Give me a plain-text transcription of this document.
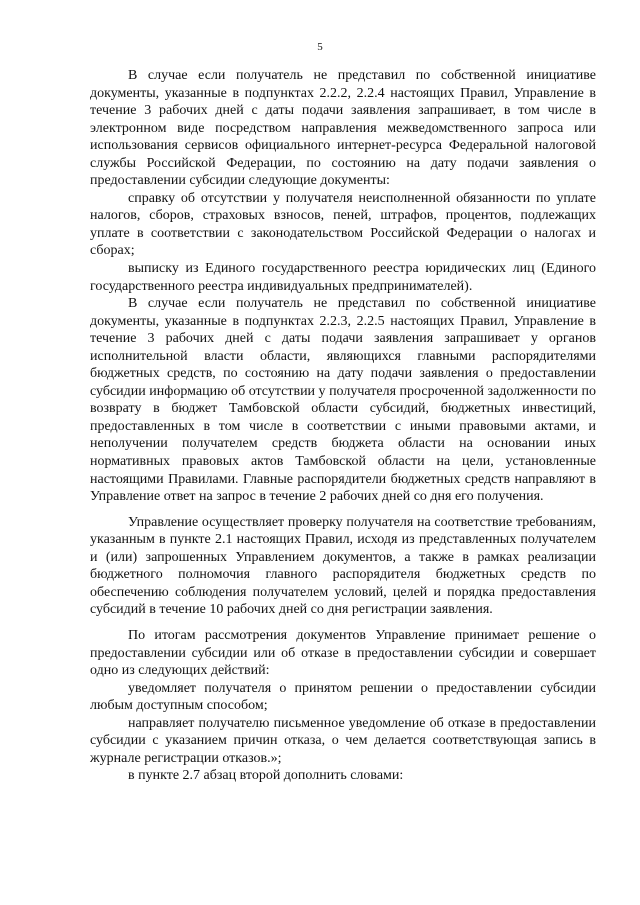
5

В случае если получатель не представил по собственной инициативе документы, указанные в подпунктах 2.2.2, 2.2.4 настоящих Правил, Управление в течение 3 рабочих дней с даты подачи заявления запрашивает, в том числе в электронном виде посредством направления межведомственного запроса или использования сервисов официального интернет-ресурса Федеральной налоговой службы Российской Федерации, по состоянию на дату подачи заявления о предоставлении субсидии следующие документы:

справку об отсутствии у получателя неисполненной обязанности по уплате налогов, сборов, страховых взносов, пеней, штрафов, процентов, подлежащих уплате в соответствии с законодательством Российской Федерации о налогах и сборах;

выписку из Единого государственного реестра юридических лиц (Единого государственного реестра индивидуальных предпринимателей).

В случае если получатель не представил по собственной инициативе документы, указанные в подпунктах 2.2.3, 2.2.5 настоящих Правил, Управление в течение 3 рабочих дней с даты подачи заявления запрашивает у органов исполнительной власти области, являющихся главными распорядителями бюджетных средств, по состоянию на дату подачи заявления о предоставлении субсидии информацию об отсутствии у получателя просроченной задолженности по возврату в бюджет Тамбовской области субсидий, бюджетных инвестиций, предоставленных в том числе в соответствии с иными правовыми актами, и неполучении получателем средств бюджета области на основании иных нормативных правовых актов Тамбовской области на цели, установленные настоящими Правилами. Главные распорядители бюджетных средств направляют в Управление ответ на запрос в течение 2 рабочих дней со дня его получения.

Управление осуществляет проверку получателя на соответствие требованиям, указанным в пункте 2.1 настоящих Правил, исходя из представленных получателем и (или) запрошенных Управлением документов, а также в рамках реализации бюджетного полномочия главного распорядителя бюджетных средств по обеспечению соблюдения получателем условий, целей и порядка предоставления субсидий в течение 10 рабочих дней со дня регистрации заявления.

По итогам рассмотрения документов Управление принимает решение о предоставлении субсидии или об отказе в предоставлении субсидии и совершает одно из следующих действий:

уведомляет получателя о принятом решении о предоставлении субсидии любым доступным способом;

направляет получателю письменное уведомление об отказе в предоставлении субсидии с указанием причин отказа, о чем делается соответствующая запись в журнале регистрации отказов.»;

в пункте 2.7 абзац второй дополнить словами:
